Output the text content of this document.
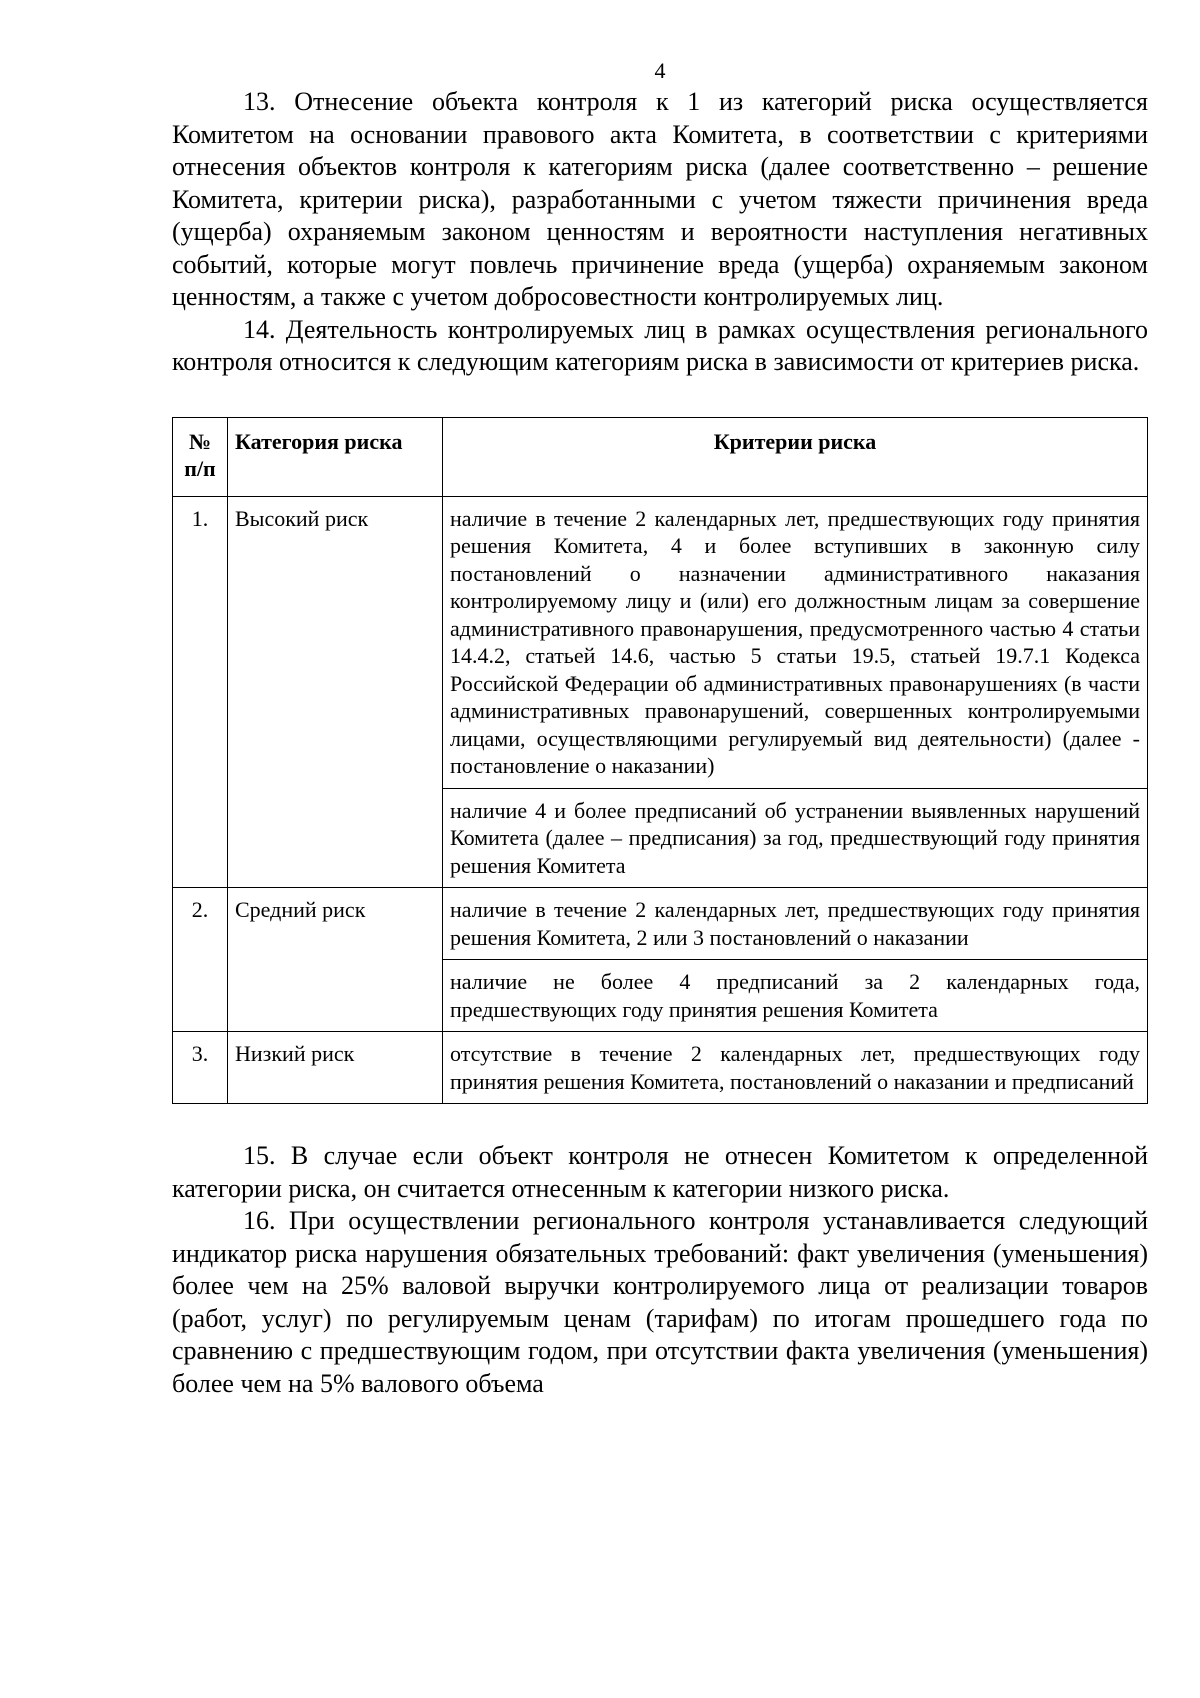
4

13. Отнесение объекта контроля к 1 из категорий риска осуществляется Комитетом на основании правового акта Комитета, в соответствии с критериями отнесения объектов контроля к категориям риска (далее соответственно – решение Комитета, критерии риска), разработанными с учетом тяжести причинения вреда (ущерба) охраняемым законом ценностям и вероятности наступления негативных событий, которые могут повлечь причинение вреда (ущерба) охраняемым законом ценностям, а также с учетом добросовестности контролируемых лиц.

14. Деятельность контролируемых лиц в рамках осуществления регионального контроля относится к следующим категориям риска в зависимости от критериев риска.

№ п/п	Категория риска	Критерии риска
1.	Высокий риск	наличие в течение 2 календарных лет, предшествующих году принятия решения Комитета, 4 и более вступивших в законную силу постановлений о назначении административного наказания контролируемому лицу и (или) его должностным лицам за совершение административного правонарушения, предусмотренного частью 4 статьи 14.4.2, статьей 14.6, частью 5 статьи 19.5, статьей 19.7.1 Кодекса Российской Федерации об административных правонарушениях (в части административных правонарушений, совершенных контролируемыми лицами, осуществляющими регулируемый вид деятельности) (далее - постановление о наказании)
		наличие 4 и более предписаний об устранении выявленных нарушений Комитета (далее – предписания) за год, предшествующий году принятия решения Комитета
2.	Средний риск	наличие в течение 2 календарных лет, предшествующих году принятия решения Комитета, 2 или 3 постановлений о наказании
		наличие не более 4 предписаний за 2 календарных года, предшествующих году принятия решения Комитета
3.	Низкий риск	отсутствие в течение 2 календарных лет, предшествующих году принятия решения Комитета, постановлений о наказании и предписаний

15. В случае если объект контроля не отнесен Комитетом к определенной категории риска, он считается отнесенным к категории низкого риска.

16. При осуществлении регионального контроля устанавливается следующий индикатор риска нарушения обязательных требований: факт увеличения (уменьшения) более чем на 25% валовой выручки контролируемого лица от реализации товаров (работ, услуг) по регулируемым ценам (тарифам) по итогам прошедшего года по сравнению с предшествующим годом, при отсутствии факта увеличения (уменьшения) более чем на 5% валового объема
